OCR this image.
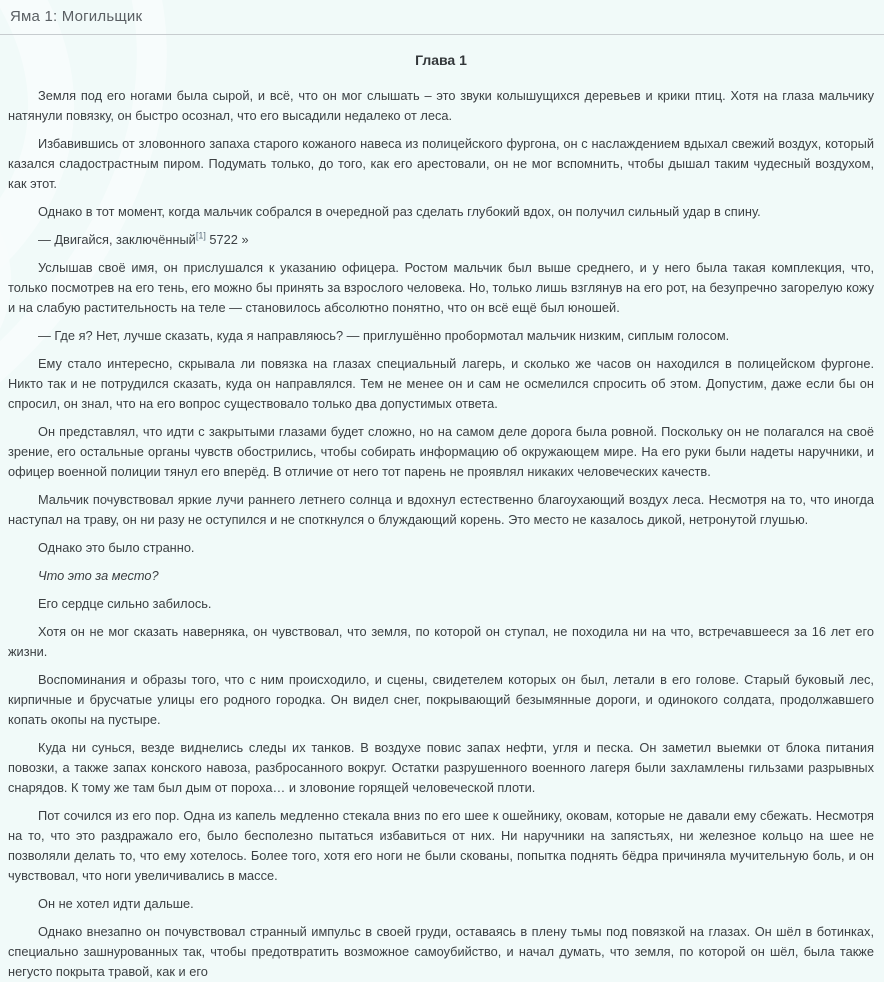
Яма 1: Могильщик
Глава 1

Земля под его ногами была сырой, и всё, что он мог слышать – это звуки колышущихся деревьев и крики птиц. Хотя на глаза мальчику натянули повязку, он быстро осознал, что его высадили недалеко от леса.

Избавившись от зловонного запаха старого кожаного навеса из полицейского фургона, он с наслаждением вдыхал свежий воздух, который казался сладострастным пиром. Подумать только, до того, как его арестовали, он не мог вспомнить, чтобы дышал таким чудесный воздухом, как этот.

Однако в тот момент, когда мальчик собрался в очередной раз сделать глубокий вдох, он получил сильный удар в спину.

— Двигайся, заключённый[1] 5722 »

Услышав своё имя, он прислушался к указанию офицера. Ростом мальчик был выше среднего, и у него была такая комплекция, что, только посмотрев на его тень, его можно бы принять за взрослого человека. Но, только лишь взглянув на его рот, на безупречно загорелую кожу и на слабую растительность на теле — становилось абсолютно понятно, что он всё ещё был юношей.

— Где я? Нет, лучше сказать, куда я направляюсь? — приглушённо пробормотал мальчик низким, сиплым голосом.

Ему стало интересно, скрывала ли повязка на глазах специальный лагерь, и сколько же часов он находился в полицейском фургоне. Никто так и не потрудился сказать, куда он направлялся. Тем не менее он и сам не осмелился спросить об этом. Допустим, даже если бы он спросил, он знал, что на его вопрос существовало только два допустимых ответа.

Он представлял, что идти с закрытыми глазами будет сложно, но на самом деле дорога была ровной. Поскольку он не полагался на своё зрение, его остальные органы чувств обострились, чтобы собирать информацию об окружающем мире. На его руки были надеты наручники, и офицер военной полиции тянул его вперёд. В отличие от него тот парень не проявлял никаких человеческих качеств.

Мальчик почувствовал яркие лучи раннего летнего солнца и вдохнул естественно благоухающий воздух леса. Несмотря на то, что иногда наступал на траву, он ни разу не оступился и не споткнулся о блуждающий корень. Это место не казалось дикой, нетронутой глушью.

Однако это было странно.

Что это за место?

Его сердце сильно забилось.

Хотя он не мог сказать наверняка, он чувствовал, что земля, по которой он ступал, не походила ни на что, встречавшееся за 16 лет его жизни.

Воспоминания и образы того, что с ним происходило, и сцены, свидетелем которых он был, летали в его голове. Старый буковый лес, кирпичные и брусчатые улицы его родного городка. Он видел снег, покрывающий безымянные дороги, и одинокого солдата, продолжавшего копать окопы на пустыре.

Куда ни сунься, везде виднелись следы их танков. В воздухе повис запах нефти, угля и песка. Он заметил выемки от блока питания повозки, а также запах конского навоза, разбросанного вокруг. Остатки разрушенного военного лагеря были захламлены гильзами разрывных снарядов. К тому же там был дым от пороха… и зловоние горящей человеческой плоти.

Пот сочился из его пор. Одна из капель медленно стекала вниз по его шее к ошейнику, оковам, которые не давали ему сбежать. Несмотря на то, что это раздражало его, было бесполезно пытаться избавиться от них. Ни наручники на запястьях, ни железное кольцо на шее не позволяли делать то, что ему хотелось. Более того, хотя его ноги не были скованы, попытка поднять бёдра причиняла мучительную боль, и он чувствовал, что ноги увеличивались в массе.

Он не хотел идти дальше.

Однако внезапно он почувствовал странный импульс в своей груди, оставаясь в плену тьмы под повязкой на глазах. Он шёл в ботинках, специально зашнурованных так, чтобы предотвратить возможное самоубийство, и начал думать, что земля, по которой он шёл, была также негусто покрыта травой, как и его
